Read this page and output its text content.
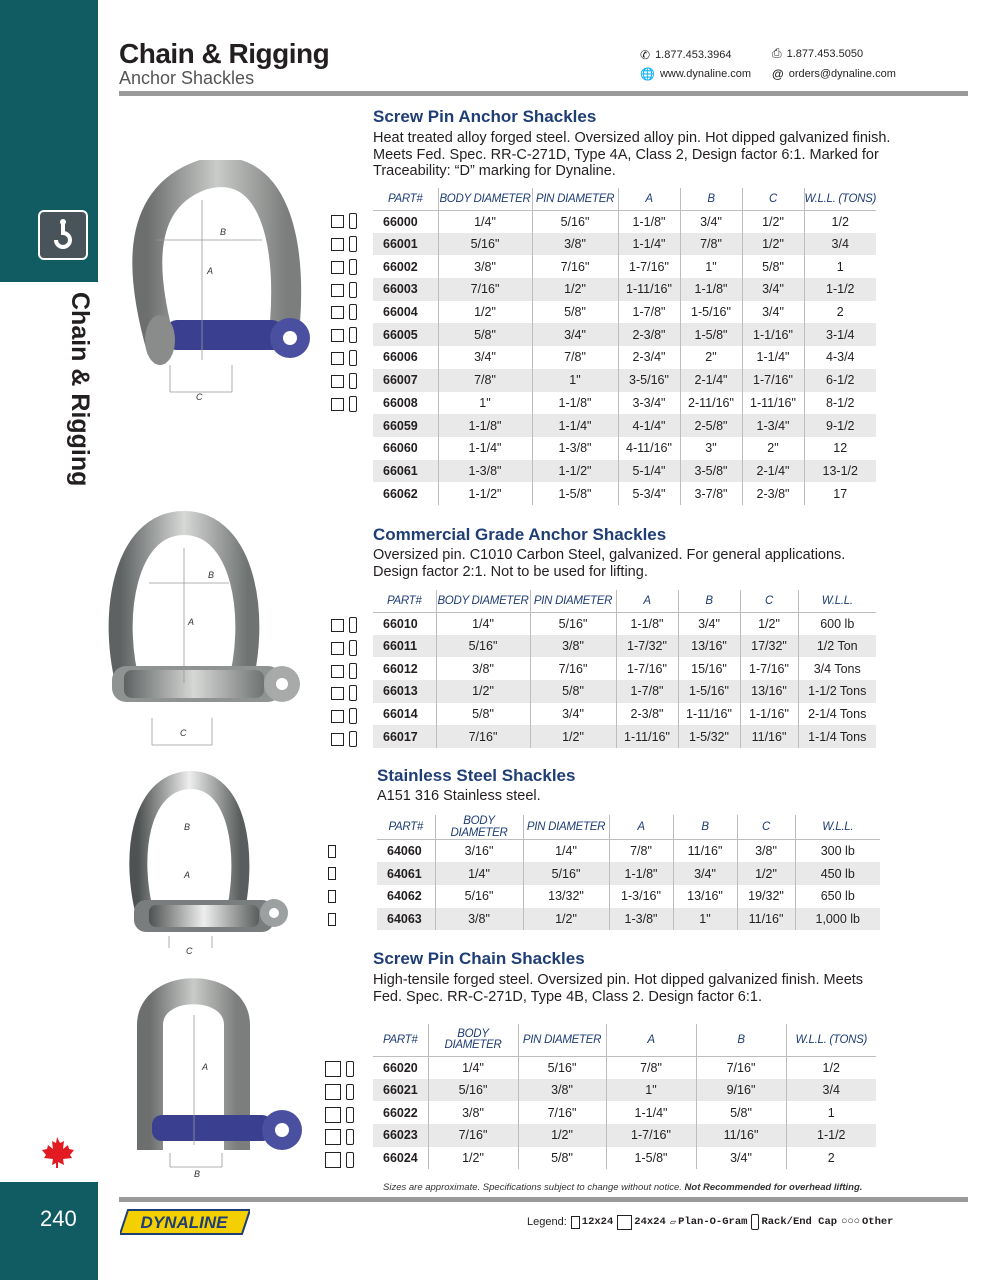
Chain & Rigging
240
Chain & Rigging
Anchor Shackles
✆ 1.877.453.3964	⎙ 1.877.453.5050
🌐 www.dynaline.com @ orders@dynaline.com
B
A
C
Screw Pin Anchor Shackles
Heat treated alloy forged steel. Oversized alloy pin. Hot dipped galvanized finish. Meets Fed. Spec. RR-C-271D, Type 4A, Class 2, Design factor 6:1. Marked for Traceability: “D” marking for Dynaline.
PART#	BODY DIAMETER	PIN DIAMETER	A	B	C	W.L.L. (TONS)
66000	1/4"	5/16"	1-1/8"	3/4"	1/2"	1/2
66001	5/16"	3/8"	1-1/4"	7/8"	1/2"	3/4
66002	3/8"	7/16"	1-7/16"	1"	5/8"	1
66003	7/16"	1/2"	1-11/16"	1-1/8"	3/4"	1-1/2
66004	1/2"	5/8"	1-7/8"	1-5/16"	3/4"	2
66005	5/8"	3/4"	2-3/8"	1-5/8"	1-1/16"	3-1/4
66006	3/4"	7/8"	2-3/4"	2"	1-1/4"	4-3/4
66007	7/8"	1"	3-5/16"	2-1/4"	1-7/16"	6-1/2
66008	1"	1-1/8"	3-3/4"	2-11/16"	1-11/16"	8-1/2
66059	1-1/8"	1-1/4"	4-1/4"	2-5/8"	1-3/4"	9-1/2
66060	1-1/4"	1-3/8"	4-11/16"	3"	2"	12
66061	1-3/8"	1-1/2"	5-1/4"	3-5/8"	2-1/4"	13-1/2
66062	1-1/2"	1-5/8"	5-3/4"	3-7/8"	2-3/8"	17
B
A
C
Commercial Grade Anchor Shackles
Oversized pin. C1010 Carbon Steel, galvanized. For general applications. Design factor 2:1. Not to be used for lifting.
PART#	BODY DIAMETER	PIN DIAMETER	A	B	C	W.L.L.
66010	1/4"	5/16"	1-1/8"	3/4"	1/2"	600 lb
66011	5/16"	3/8"	1-7/32"	13/16"	17/32"	1/2 Ton
66012	3/8"	7/16"	1-7/16"	15/16"	1-7/16"	3/4 Tons
66013	1/2"	5/8"	1-7/8"	1-5/16"	13/16"	1-1/2 Tons
66014	5/8"	3/4"	2-3/8"	1-11/16"	1-1/16"	2-1/4 Tons
66017	7/16"	1/2"	1-11/16"	1-5/32"	11/16"	1-1/4 Tons
B
A
C
Stainless Steel Shackles
A151 316 Stainless steel.
PART#	BODY DIAMETER	PIN DIAMETER	A	B	C	W.L.L.
64060	3/16"	1/4"	7/8"	11/16"	3/8"	300 lb
64061	1/4"	5/16"	1-1/8"	3/4"	1/2"	450 lb
64062	5/16"	13/32"	1-3/16"	13/16"	19/32"	650 lb
64063	3/8"	1/2"	1-3/8"	1"	11/16"	1,000 lb
A
B
Screw Pin Chain Shackles
High-tensile forged steel. Oversized pin. Hot dipped galvanized finish. Meets Fed. Spec. RR-C-271D, Type 4B, Class 2. Design factor 6:1.
PART#	BODY DIAMETER	PIN DIAMETER	A	B	W.L.L. (TONS)
66020	1/4"	5/16"	7/8"	7/16"	1/2
66021	5/16"	3/8"	1"	9/16"	3/4
66022	3/8"	7/16"	1-1/4"	5/8"	1
66023	7/16"	1/2"	1-7/16"	11/16"	1-1/2
66024	1/2"	5/8"	1-5/8"	3/4"	2
Sizes are approximate. Specifications subject to change without notice. Not Recommended for overhead lifting.
DYNALINE	Legend: 12x24 24x24 ▱ Plan-O-Gram Rack/End Cap ○○○ Other
